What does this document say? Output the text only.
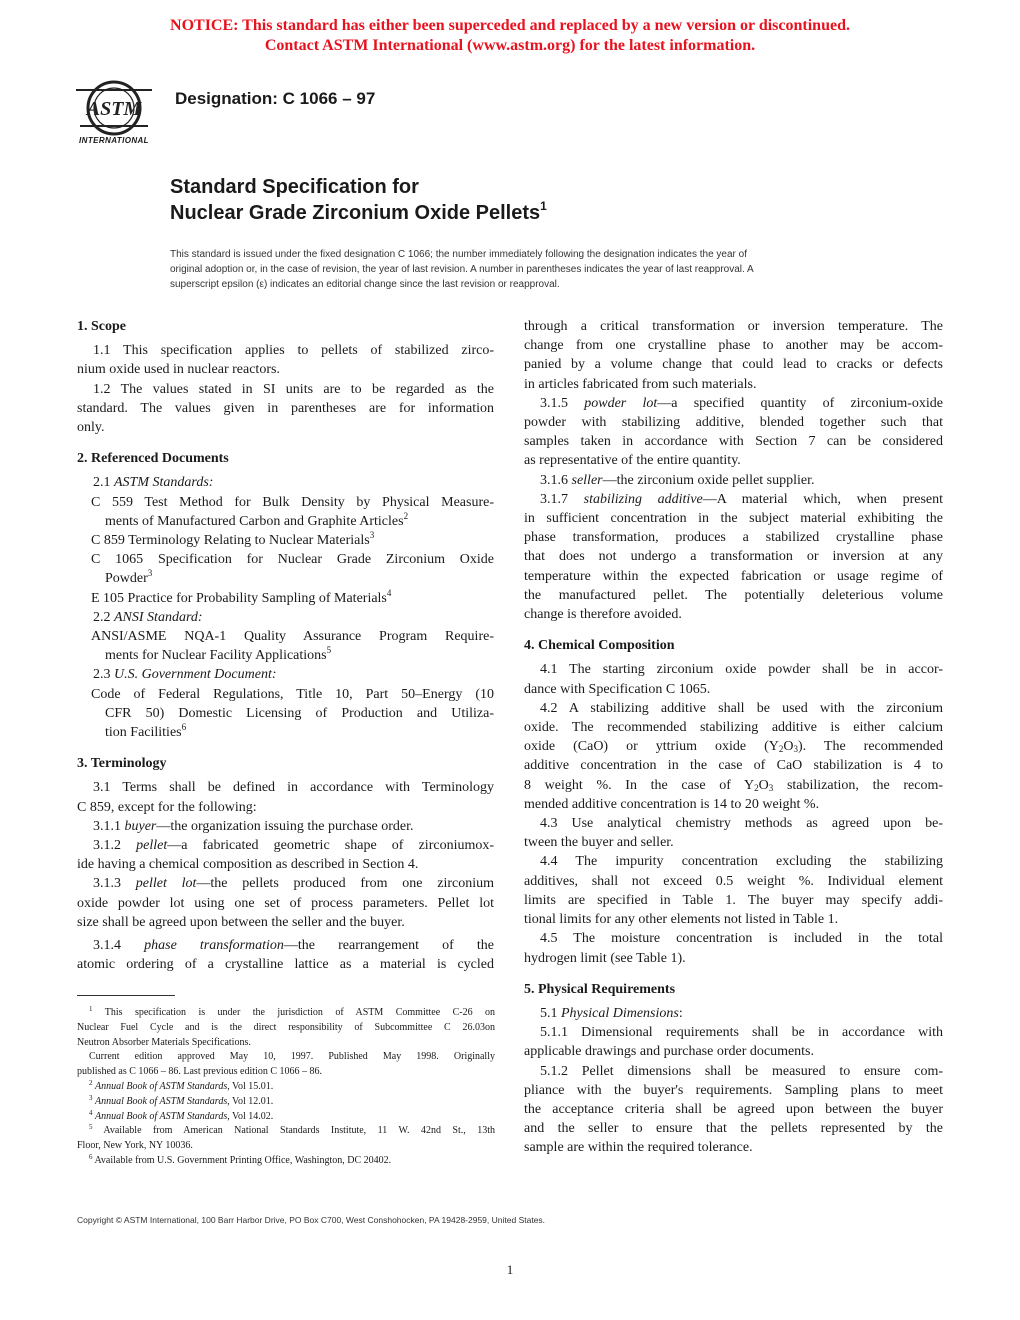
NOTICE: This standard has either been superceded and replaced by a new version or discontinued.
Contact ASTM International (www.astm.org) for the latest information.
ASTM
INTERNATIONAL
Designation: C 1066 – 97
Standard Specification for
Nuclear Grade Zirconium Oxide Pellets$^1$
This standard is issued under the fixed designation C 1066; the number immediately following the designation indicates the year of
original adoption or, in the case of revision, the year of last revision. A number in parentheses indicates the year of last reapproval. A
superscript epsilon (ε) indicates an editorial change since the last revision or reapproval.
1. Scope
1.1 This specification applies to pellets of stabilized zirco-
nium oxide used in nuclear reactors.
1.2 The values stated in SI units are to be regarded as the
standard. The values given in parentheses are for information
only.
2. Referenced Documents
2.1 ASTM Standards:
C 559 Test Method for Bulk Density by Physical Measure-
ments of Manufactured Carbon and Graphite Articles$^2$
C 859 Terminology Relating to Nuclear Materials$^3$
C 1065 Specification for Nuclear Grade Zirconium Oxide
Powder$^3$
E 105 Practice for Probability Sampling of Materials$^4$
2.2 ANSI Standard:
ANSI/ASME NQA-1 Quality Assurance Program Require-
ments for Nuclear Facility Applications$^5$
2.3 U.S. Government Document:
Code of Federal Regulations, Title 10, Part 50–Energy (10
CFR 50) Domestic Licensing of Production and Utiliza-
tion Facilities$^6$
3. Terminology
3.1 Terms shall be defined in accordance with Terminology
C 859, except for the following:
3.1.1 buyer—the organization issuing the purchase order.
3.1.2 pellet—a fabricated geometric shape of zirconiumox-
ide having a chemical composition as described in Section 4.
3.1.3 pellet lot—the pellets produced from one zirconium
oxide powder lot using one set of process parameters. Pellet lot
size shall be agreed upon between the seller and the buyer.
3.1.4 phase transformation—the rearrangement of the
atomic ordering of a crystalline lattice as a material is cycled
$^1$ This specification is under the jurisdiction of ASTM Committee C-26 on
Nuclear Fuel Cycle and is the direct responsibility of Subcommittee C 26.03on
Neutron Absorber Materials Specifications.
Current edition approved May 10, 1997. Published May 1998. Originally
published as C 1066 – 86. Last previous edition C 1066 – 86.
$^2$ Annual Book of ASTM Standards, Vol 15.01.
$^3$ Annual Book of ASTM Standards, Vol 12.01.
$^4$ Annual Book of ASTM Standards, Vol 14.02.
$^5$ Available from American National Standards Institute, 11 W. 42nd St., 13th
Floor, New York, NY 10036.
$^6$ Available from U.S. Government Printing Office, Washington, DC 20402.
through a critical transformation or inversion temperature. The
change from one crystalline phase to another may be accom-
panied by a volume change that could lead to cracks or defects
in articles fabricated from such materials.
3.1.5 powder lot—a specified quantity of zirconium-oxide
powder with stabilizing additive, blended together such that
samples taken in accordance with Section 7 can be considered
as representative of the entire quantity.
3.1.6 seller—the zirconium oxide pellet supplier.
3.1.7 stabilizing additive—A material which, when present
in sufficient concentration in the subject material exhibiting the
phase transformation, produces a stabilized crystalline phase
that does not undergo a transformation or inversion at any
temperature within the expected fabrication or usage regime of
the manufactured pellet. The potentially deleterious volume
change is therefore avoided.
4. Chemical Composition
4.1 The starting zirconium oxide powder shall be in accor-
dance with Specification C 1065.
4.2 A stabilizing additive shall be used with the zirconium
oxide. The recommended stabilizing additive is either calcium
oxide (CaO) or yttrium oxide $(Y_2O_3)$. The recommended
additive concentration in the case of CaO stabilization is 4 to
8 weight %. In the case of $Y_2O_3$ stabilization, the recom-
mended additive concentration is 14 to 20 weight %.
4.3 Use analytical chemistry methods as agreed upon be-
tween the buyer and seller.
4.4 The impurity concentration excluding the stabilizing
additives, shall not exceed 0.5 weight %. Individual element
limits are specified in Table 1. The buyer may specify addi-
tional limits for any other elements not listed in Table 1.
4.5 The moisture concentration is included in the total
hydrogen limit (see Table 1).
5. Physical Requirements
5.1 Physical Dimensions:
5.1.1 Dimensional requirements shall be in accordance with
applicable drawings and purchase order documents.
5.1.2 Pellet dimensions shall be measured to ensure com-
pliance with the buyer's requirements. Sampling plans to meet
the acceptance criteria shall be agreed upon between the buyer
and the seller to ensure that the pellets represented by the
sample are within the required tolerance.
Copyright © ASTM International, 100 Barr Harbor Drive, PO Box C700, West Conshohocken, PA 19428-2959, United States.
1
